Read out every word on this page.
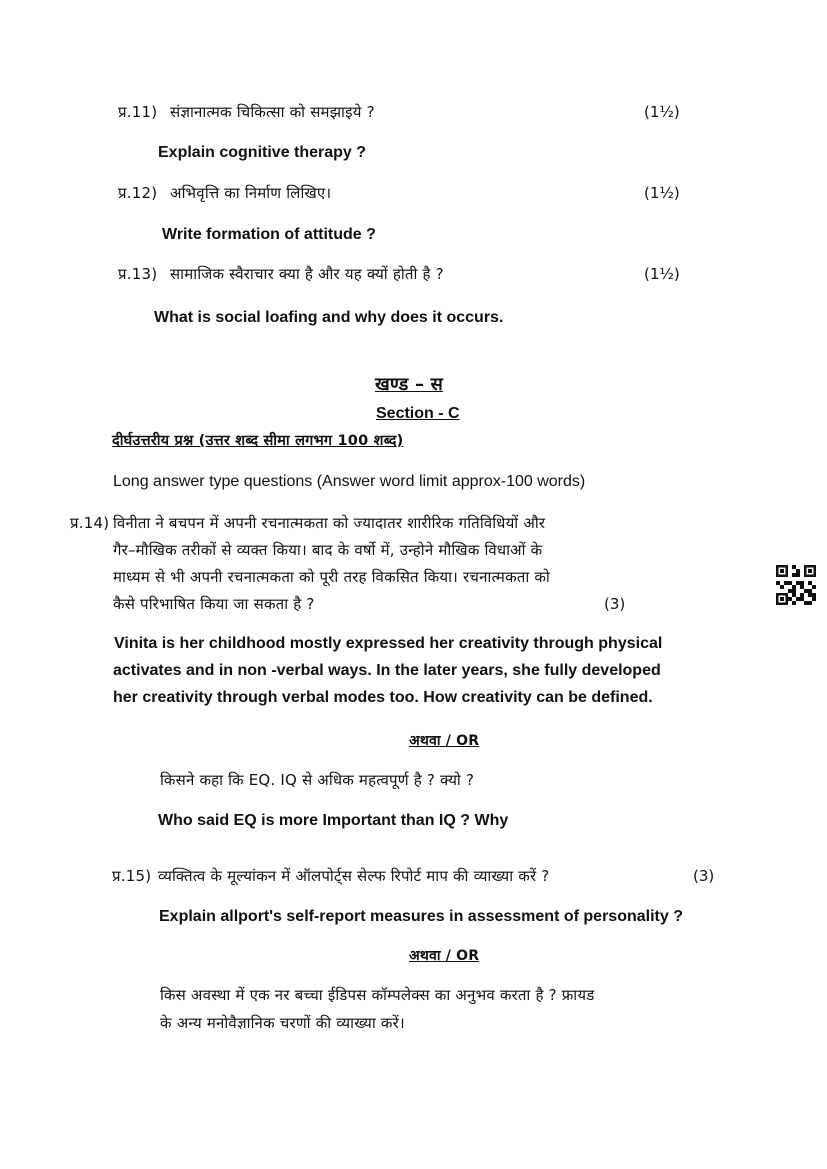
प्र.11) संज्ञानात्मक चिकित्सा को समझाइये ?	(1½)
Explain cognitive therapy ?
प्र.12) अभिवृत्ति का निर्माण लिखिए।	(1½)
Write formation of attitude ?
प्र.13) सामाजिक स्वैराचार क्या है और यह क्यों होती है ?	(1½)
What is social loafing and why does it occurs.
खण्ड – स
Section - C
दीर्घउत्तरीय प्रश्न (उत्तर शब्द सीमा लगभग 100 शब्द)
Long answer type questions (Answer word limit approx-100 words)
प्र.14) विनीता ने बचपन में अपनी रचनात्मकता को ज्यादातर शारीरिक गतिविधियों और
गैर–मौखिक तरीकों से व्यक्त किया। बाद के वर्षो में, उन्होने मौखिक विधाओं के
माध्यम से भी अपनी रचनात्मकता को पूरी तरह विकसित किया। रचनात्मकता को
कैसे परिभाषित किया जा सकता है ?	(3)
Vinita is her childhood mostly expressed her creativity through physical
activates and in non -verbal ways. In the later years, she fully developed
her creativity through verbal modes too. How creativity can be defined.
अथवा / OR
किसने कहा कि EQ. IQ से अधिक महत्वपूर्ण है ? क्यो ?
Who said EQ is more Important than IQ ? Why
प्र.15) व्यक्तित्व के मूल्यांकन में ऑलपोर्ट्स सेल्फ रिपोर्ट माप की व्याख्या करें ?	(3)
Explain allport's self-report measures in assessment of personality ?
अथवा / OR
किस अवस्था में एक नर बच्चा ईडिपस कॉम्पलेक्स का अनुभव करता है ? फ्रायड
के अन्य मनोवैज्ञानिक चरणों की व्याख्या करें।
